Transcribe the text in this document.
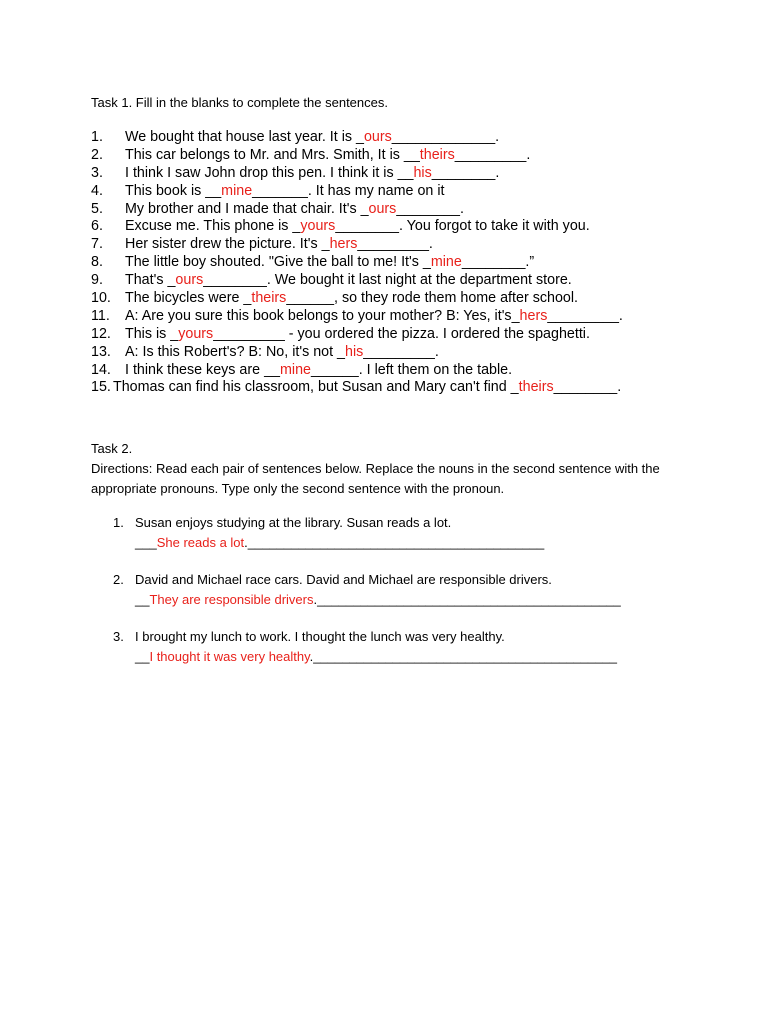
Task 1. Fill in the blanks to complete the sentences.
1. We bought that house last year. It is _ours_____________.
2. This car belongs to Mr. and Mrs. Smith, It is __theirs_________.
3. I think I saw John drop this pen. I think it is __his________.
4. This book is __mine_______. It has my name on it
5. My brother and I made that chair. It's _ours________.
6. Excuse me. This phone is _yours________. You forgot to take it with you.
7. Her sister drew the picture. It's _hers_________.
8. The little boy shouted. "Give the ball to me! It's _mine________.”
9. That's _ours________. We bought it last night at the department store.
10. The bicycles were _theirs______, so they rode them home after school.
11. A: Are you sure this book belongs to your mother? B: Yes, it's_hers_________.
12. This is _yours_________ - you ordered the pizza. I ordered the spaghetti.
13. A: Is this Robert's? B: No, it's not _his_________.
14. I think these keys are __mine______. I left them on the table.
15. Thomas can find his classroom, but Susan and Mary can't find _theirs________.
Task 2.
Directions: Read each pair of sentences below. Replace the nouns in the second sentence with the appropriate pronouns. Type only the second sentence with the pronoun.
1. Susan enjoys studying at the library. Susan reads a lot.
___She reads a lot._________________________________________
2. David and Michael race cars. David and Michael are responsible drivers.
__They are responsible drivers.__________________________________________
3. I brought my lunch to work. I thought the lunch was very healthy.
__I thought it was very healthy.__________________________________________
